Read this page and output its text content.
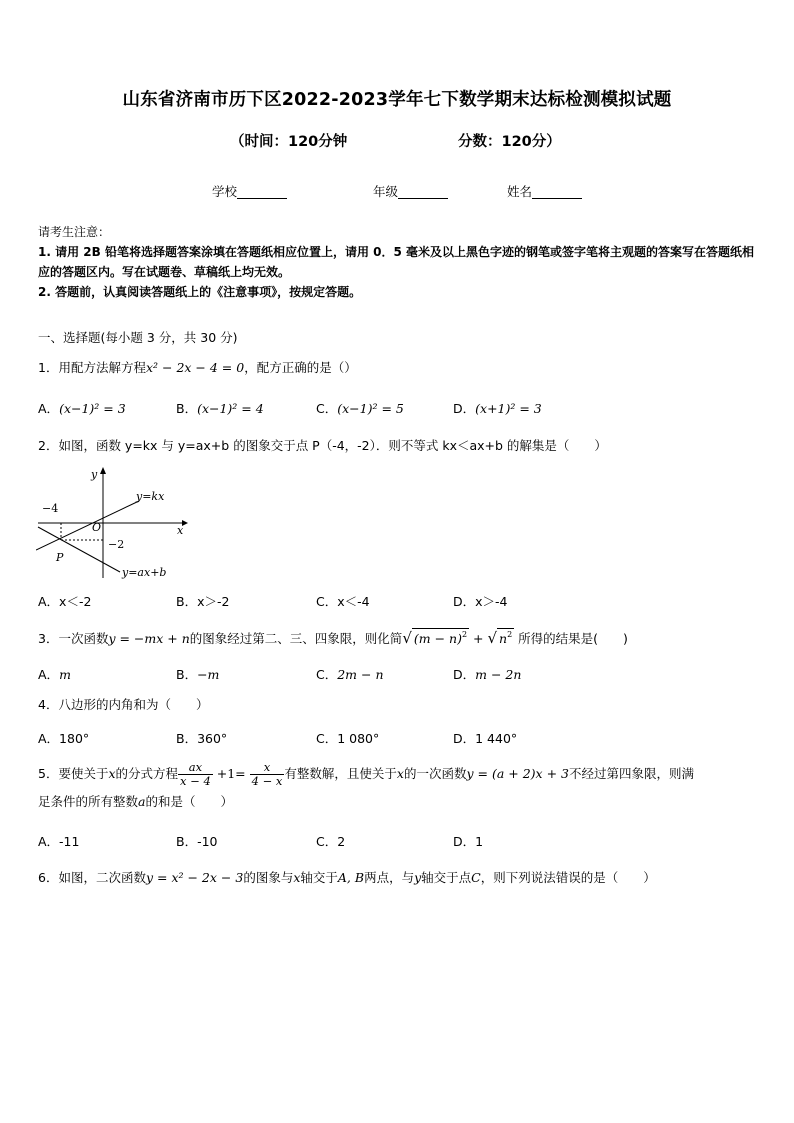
山东省济南市历下区2022-2023学年七下数学期末达标检测模拟试题
（时间：120分钟	分数：120分）
学校	年级	姓名
请考生注意：
1. 请用 2B 铅笔将选择题答案涂填在答题纸相应位置上，请用 0．5 毫米及以上黑色字迹的钢笔或签字笔将主观题的答案写在答题纸相应的答题区内。写在试题卷、草稿纸上均无效。
2. 答题前，认真阅读答题纸上的《注意事项》，按规定答题。
一、选择题(每小题 3 分，共 30 分)
1．用配方法解方程x² − 2x − 4 = 0，配方正确的是（）
A．(x−1)² = 3	B．(x−1)² = 4	C．(x−1)² = 5	D．(x+1)² = 3
2．如图，函数 y=kx 与 y=ax+b 的图象交于点 P（-4，-2）．则不等式 kx＜ax+b 的解集是（　　）
y
x
O
P
−4
−2
y=kx
y=ax+b
A．x＜-2	B．x＞-2	C．x＜-4	D．x＞-4
3．一次函数y = −mx + n的图象经过第二、三、四象限，则化简√ $(m - n)^2$ + √ $n^2$ 所得的结果是(　　)
A．m	B．−m	C．2m − n	D．m − 2n
4．八边形的内角和为（　　）
A．180°	B．360°	C．1 080°	D．1 440°
5．要使关于x的分式方程 $\frac{ax}{x - 4} +1= \frac{x}{4 - x}$ 有整数解，且使关于x的一次函数y = (a + 2)x + 3不经过第四象限，则满
足条件的所有整数a的和是（　　）
A．-11	B．-10	C．2	D．1
6．如图，二次函数y = x² − 2x − 3的图象与x轴交于A, B两点，与y轴交于点C，则下列说法错误的是（　　）
